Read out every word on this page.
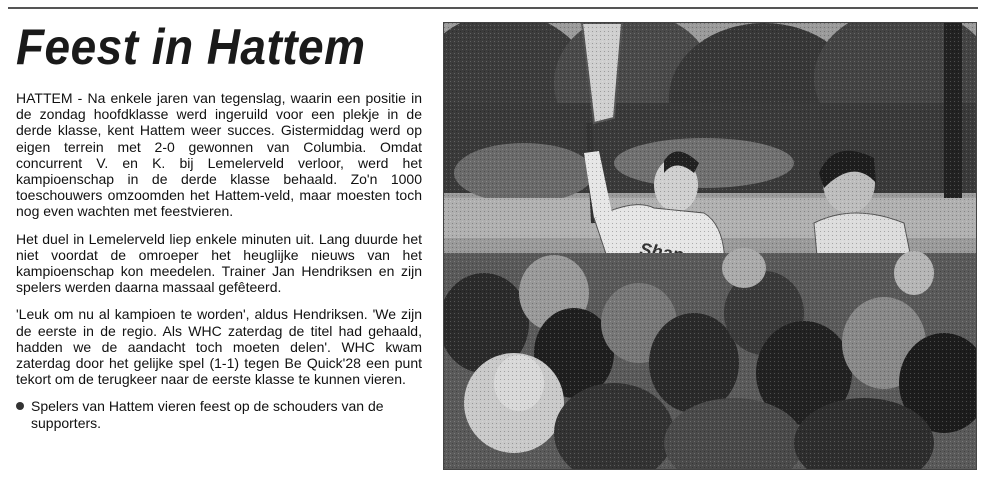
Feest in Hattem

HATTEM - Na enkele jaren van tegenslag, waarin een positie in de zondag hoofdklasse werd ingeruild voor een plekje in de derde klasse, kent Hattem weer succes. Gistermiddag werd op eigen terrein met 2-0 gewonnen van Columbia. Omdat concurrent V. en K. bij Lemelerveld verloor, werd het kampioenschap in de derde klasse behaald. Zo'n 1000 toeschouwers omzoomden het Hattem-veld, maar moesten toch nog even wachten met feestvieren.

Het duel in Lemelerveld liep enkele minuten uit. Lang duurde het niet voordat de omroeper het heuglijke nieuws van het kampioenschap kon meedelen. Trainer Jan Hendriksen en zijn spelers werden daarna massaal gefêteerd.

'Leuk om nu al kampioen te worden', aldus Hendriksen. 'We zijn de eerste in de regio. Als WHC zaterdag de titel had gehaald, hadden we de aandacht toch moeten delen'. WHC kwam zaterdag door het gelijke spel (1-1) tegen Be Quick'28 een punt tekort om de terugkeer naar de eerste klasse te kunnen vieren.

Spelers van Hattem vieren feest op de schouders van de supporters.
